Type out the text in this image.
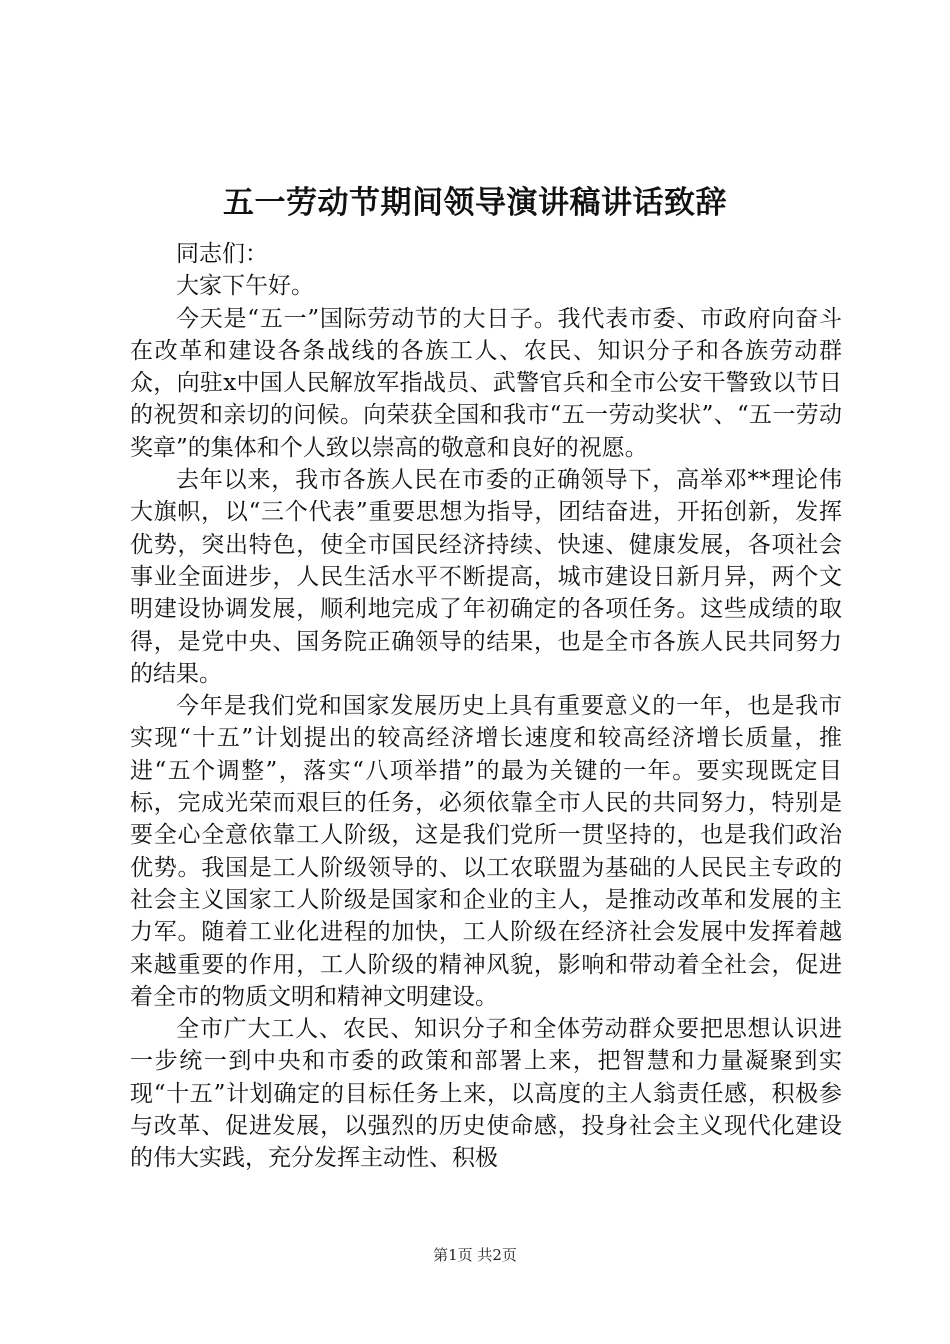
五一劳动节期间领导演讲稿讲话致辞

同志们：

大家下午好。

今天是“五一”国际劳动节的大日子。我代表市委、市政府向奋斗在改革和建设各条战线的各族工人、农民、知识分子和各族劳动群众，向驻x中国人民解放军指战员、武警官兵和全市公安干警致以节日的祝贺和亲切的问候。向荣获全国和我市“五一劳动奖状”、“五一劳动奖章”的集体和个人致以崇高的敬意和良好的祝愿。

去年以来，我市各族人民在市委的正确领导下，高举邓**理论伟大旗帜，以“三个代表”重要思想为指导，团结奋进，开拓创新，发挥优势，突出特色，使全市国民经济持续、快速、健康发展，各项社会事业全面进步，人民生活水平不断提高，城市建设日新月异，两个文明建设协调发展，顺利地完成了年初确定的各项任务。这些成绩的取得，是党中央、国务院正确领导的结果，也是全市各族人民共同努力的结果。

今年是我们党和国家发展历史上具有重要意义的一年，也是我市实现“十五”计划提出的较高经济增长速度和较高经济增长质量，推进“五个调整”，落实“八项举措”的最为关键的一年。要实现既定目标，完成光荣而艰巨的任务，必须依靠全市人民的共同努力，特别是要全心全意依靠工人阶级，这是我们党所一贯坚持的，也是我们政治优势。我国是工人阶级领导的、以工农联盟为基础的人民民主专政的社会主义国家工人阶级是国家和企业的主人，是推动改革和发展的主力军。随着工业化进程的加快，工人阶级在经济社会发展中发挥着越来越重要的作用，工人阶级的精神风貌，影响和带动着全社会，促进着全市的物质文明和精神文明建设。

全市广大工人、农民、知识分子和全体劳动群众要把思想认识进一步统一到中央和市委的政策和部署上来，把智慧和力量凝聚到实现“十五”计划确定的目标任务上来，以高度的主人翁责任感，积极参与改革、促进发展，以强烈的历史使命感，投身社会主义现代化建设的伟大实践，充分发挥主动性、积极

第1页 共2页
